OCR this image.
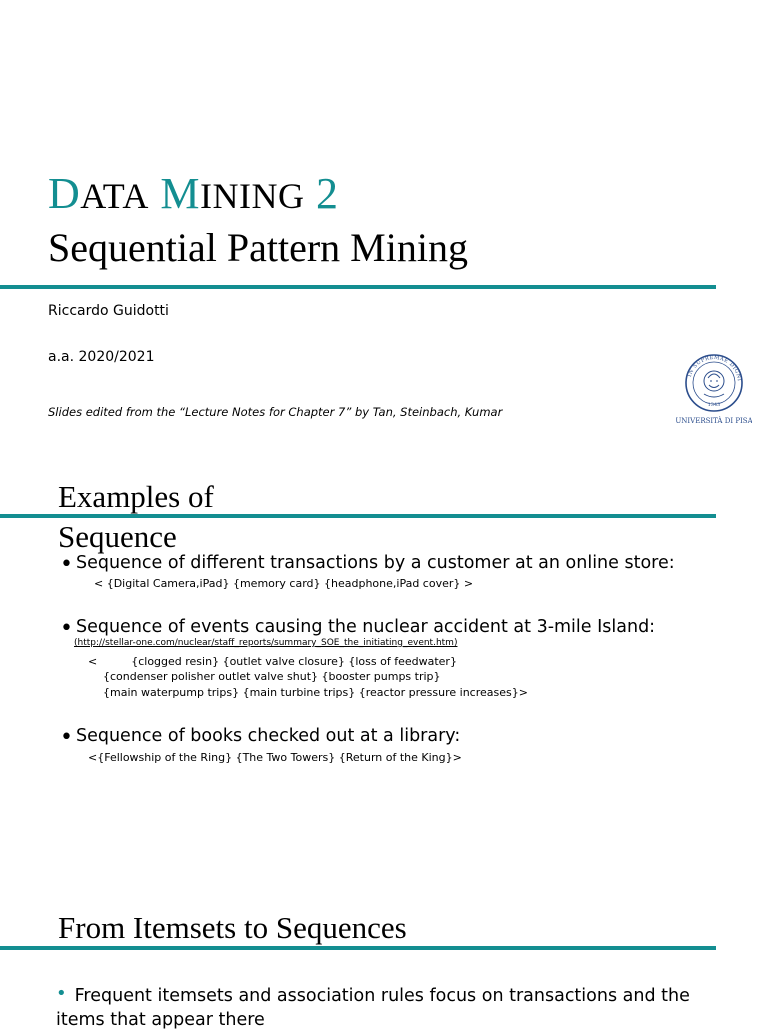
DATA MINING 2
Sequential Pattern Mining
Riccardo Guidotti
a.a. 2020/2021
Slides edited from the “Lecture Notes for Chapter 7” by Tan, Steinbach, Kumar
IN SUPREMAE DIGNI
1343
UNIVERSITÀ DI PISA
Examples of Sequence
• Sequence of different transactions by a customer at an online store:
< {Digital Camera,iPad} {memory card} {headphone,iPad cover} >
• Sequence of events causing the nuclear accident at 3-mile Island:
(http://stellar-one.com/nuclear/staff_reports/summary_SOE_the_initiating_event.htm)
<	{clogged resin} {outlet valve closure} {loss of feedwater}
{condenser polisher outlet valve shut} {booster pumps trip}
{main waterpump trips} {main turbine trips} {reactor pressure increases}>
• Sequence of books checked out at a library:
<{Fellowship of the Ring} {The Two Towers} {Return of the King}>
From Itemsets to Sequences
• Frequent itemsets and association rules focus on transactions and the items that appear there
